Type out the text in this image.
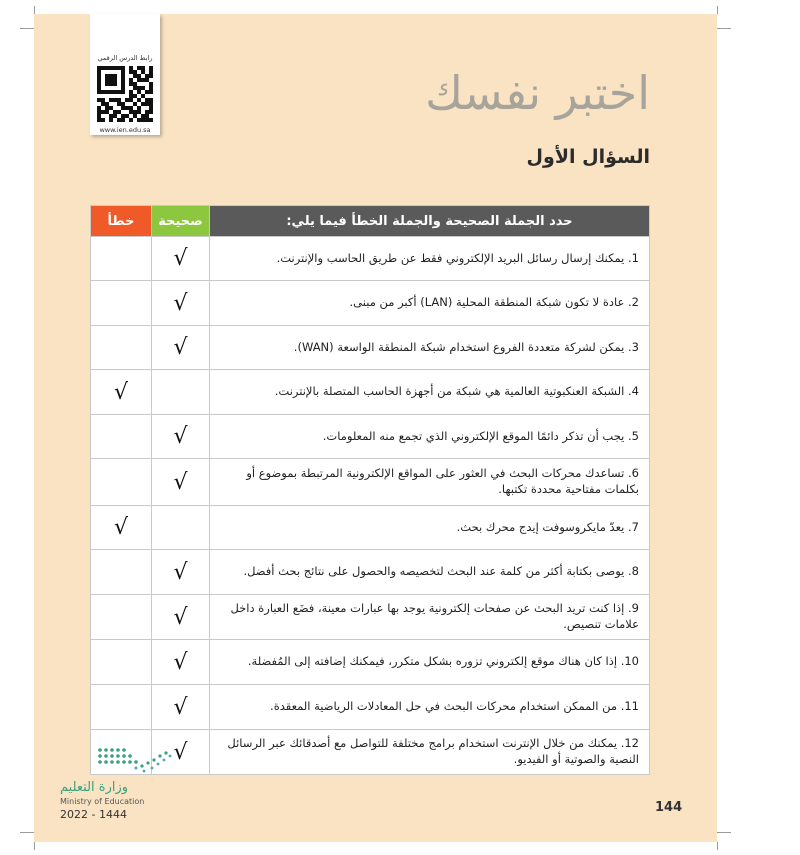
رابط الدرس الرقمي
www.ien.edu.sa
اختبر نفسك
السؤال الأول
حدد الجملة الصحيحة والجملة الخطأ فيما يلي:	صحيحة	خطأ
1. يمكنك إرسال رسائل البريد الإلكتروني فقط عن طريق الحاسب والإنترنت.	√	
2. عادة لا تكون شبكة المنطقة المحلية (LAN) أكبر من مبنى.	√	
3. يمكن لشركة متعددة الفروع استخدام شبكة المنطقة الواسعة (WAN).	√	
4. الشبكة العنكبوتية العالمية هي شبكة من أجهزة الحاسب المتصلة بالإنترنت.		√
5. يجب أن تذكر دائمًا الموقع الإلكتروني الذي تجمع منه المعلومات.	√	
6. تساعدك محركات البحث في العثور على المواقع الإلكترونية المرتبطة بموضوع أو بكلمات مفتاحية محددة تكتبها.	√	
7. يعدّ مايكروسوفت إيدج محرك بحث.		√
8. يوصى بكتابة أكثر من كلمة عند البحث لتخصيصه والحصول على نتائج بحث أفضل.	√	
9. إذا كنت تريد البحث عن صفحات إلكترونية يوجد بها عبارات معينة، فضَع العبارة داخل علامات تنصيص.	√	
10. إذا كان هناك موقع إلكتروني تزوره بشكل متكرر، فيمكنك إضافته إلى المُفضلة.	√	
11. من الممكن استخدام محركات البحث في حل المعادلات الرياضية المعقدة.	√	
12. يمكنك من خلال الإنترنت استخدام برامج مختلفة للتواصل مع أصدقائك عبر الرسائل النصية والصوتية أو الفيديو.	√	
وزارة التعليم
Ministry of Education
2022 - 1444	144
